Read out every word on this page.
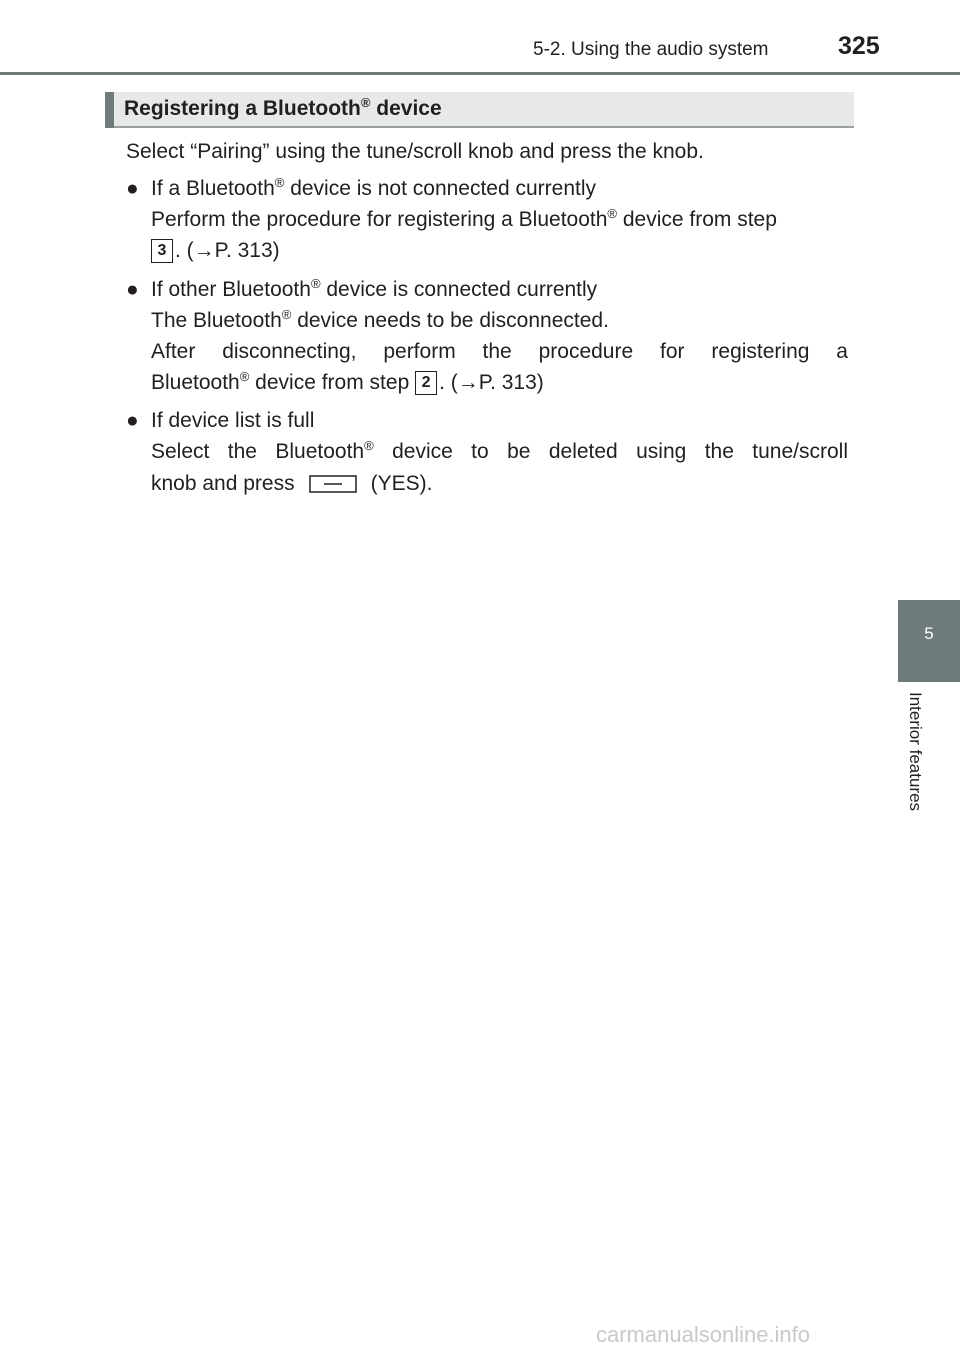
5-2. Using the audio system	325
5
Interior features
Registering a Bluetooth® device
Select “Pairing” using the tune/scroll knob and press the knob.
● If a Bluetooth® device is not connected currently
Perform the procedure for registering a Bluetooth® device from step
3 . (→P. 313)
● If other Bluetooth® device is connected currently
The Bluetooth® device needs to be disconnected.
After disconnecting, perform the procedure for registering a
Bluetooth® device from step 2 . (→P. 313)
● If device list is full
Select the Bluetooth® device to be deleted using the tune/scroll
knob and press	(YES).
carmanualsonline.info
